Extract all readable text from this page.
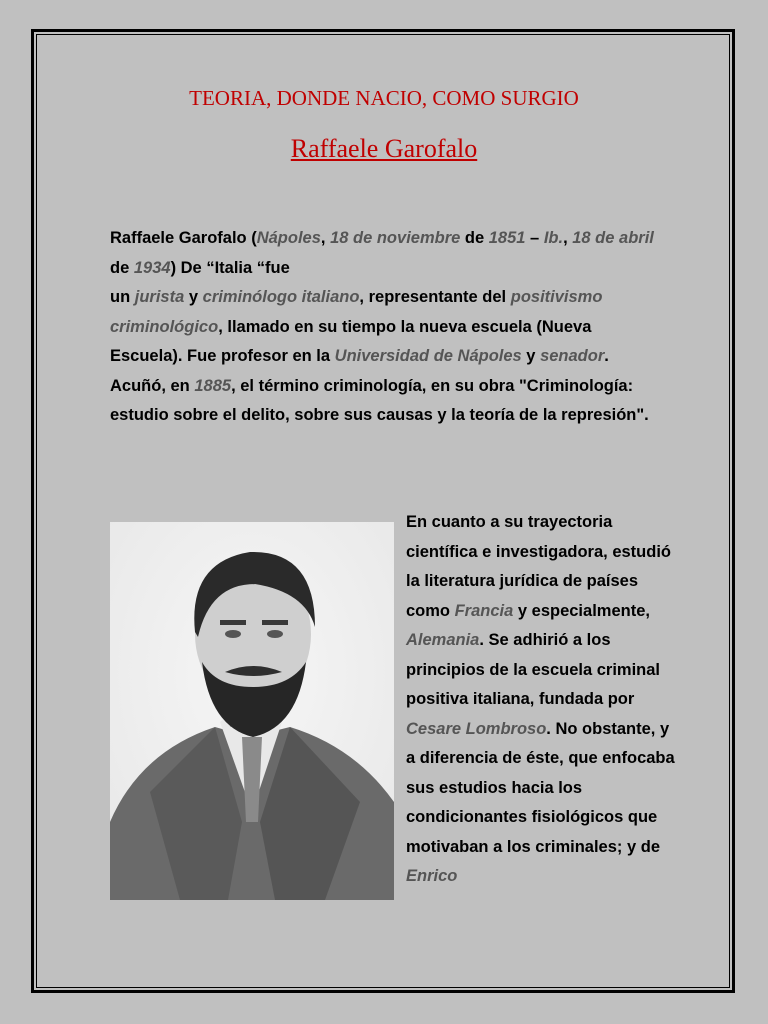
TEORIA, DONDE NACIO, COMO SURGIO
Raffaele Garofalo
Raffaele Garofalo (Nápoles, 18 de noviembre de 1851 – Ib., 18 de abril de 1934) De “Italia “fue
un jurista y criminólogo italiano, representante del positivismo criminológico, llamado en su tiempo la nueva escuela (Nueva Escuela). Fue profesor en la Universidad de Nápoles y senador. Acuñó, en 1885, el término criminología, en su obra "Criminología: estudio sobre el delito, sobre sus causas y la teoría de la represión".
En cuanto a su trayectoria científica e investigadora, estudió la literatura jurídica de países como Francia y especialmente, Alemania. Se adhirió a los principios de la escuela criminal positiva italiana, fundada por Cesare Lombroso. No obstante, y a diferencia de éste, que enfocaba sus estudios hacia los condicionantes fisiológicos que motivaban a los criminales; y de Enrico
